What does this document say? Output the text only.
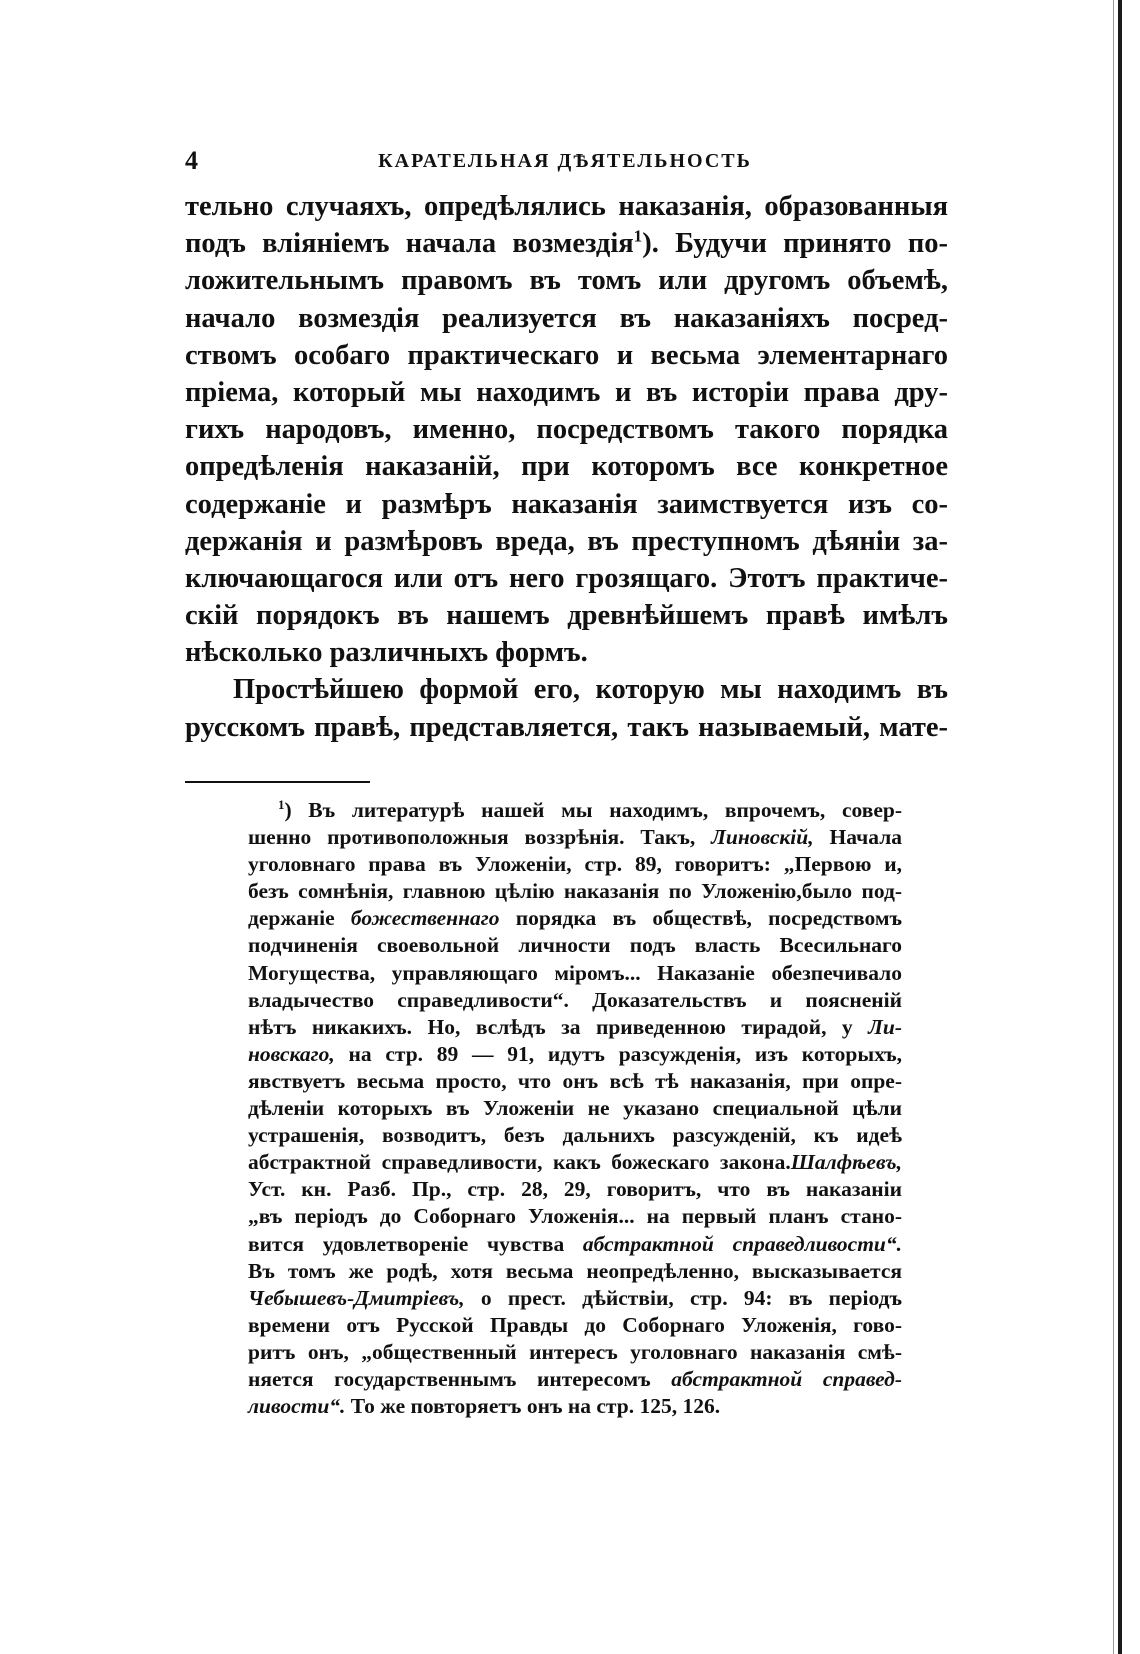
4	КАРАТЕЛЬНАЯ ДѢЯТЕЛЬНОСТЬ
тельно случаяхъ, опредѣлялись наказанія, образованныя
подъ вліяніемъ начала возмездія$^1$). Будучи принято по-
ложительнымъ правомъ въ томъ или другомъ объемѣ,
начало возмездія реализуется въ наказаніяхъ посред-
ствомъ особаго практическаго и весьма элементарнаго
пріема, который мы находимъ и въ исторіи права дру-
гихъ народовъ, именно, посредствомъ такого порядка
опредѣленія наказаній, при которомъ все конкретное
содержаніе и размѣръ наказанія заимствуется изъ со-
держанія и размѣровъ вреда, въ преступномъ дѣяніи за-
ключающагося или отъ него грозящаго. Этотъ практиче-
скій порядокъ въ нашемъ древнѣйшемъ правѣ имѣлъ
нѣсколько различныхъ формъ.
Простѣйшею формой его, которую мы находимъ въ
русскомъ правѣ, представляется, такъ называемый, мате-
$^1$) Въ литературѣ нашей мы находимъ, впрочемъ, совер-
шенно противоположныя воззрѣнія. Такъ, Линовскій, Начала
уголовнаго права въ Уложеніи, стр. 89, говоритъ: „Первою и,
безъ сомнѣнія, главною цѣлію наказанія по Уложенію,было под-
держаніе божественнаго порядка въ обществѣ, посредствомъ
подчиненія своевольной личности подъ власть Всесильнаго
Могущества, управляющаго міромъ... Наказаніе обезпечивало
владычество справедливости“. Доказательствъ и поясненій
нѣтъ никакихъ. Но, вслѣдъ за приведенною тирадой, у Ли-
новскаго, на стр. 89 — 91, идутъ разсужденія, изъ которыхъ,
явствуетъ весьма просто, что онъ всѣ тѣ наказанія, при опре-
дѣленіи которыхъ въ Уложеніи не указано специальной цѣли
устрашенія, возводитъ, безъ дальнихъ разсужденій, къ идеѣ
абстрактной справедливости, какъ божескаго закона.Шалфѣевъ,
Уст. кн. Разб. Пр., стр. 28, 29, говоритъ, что въ наказаніи
„въ періодъ до Соборнаго Уложенія... на первый планъ стано-
вится удовлетвореніе чувства абстрактной справедливости“.
Въ томъ же родѣ, хотя весьма неопредѣленно, высказывается
Чебышевъ-Дмитріевъ, о прест. дѣйствіи, стр. 94: въ періодъ
времени отъ Русской Правды до Соборнаго Уложенія, гово-
ритъ онъ, „общественный интересъ уголовнаго наказанія смѣ-
няется государственнымъ интересомъ абстрактной справед-
ливости“. То же повторяетъ онъ на стр. 125, 126.
